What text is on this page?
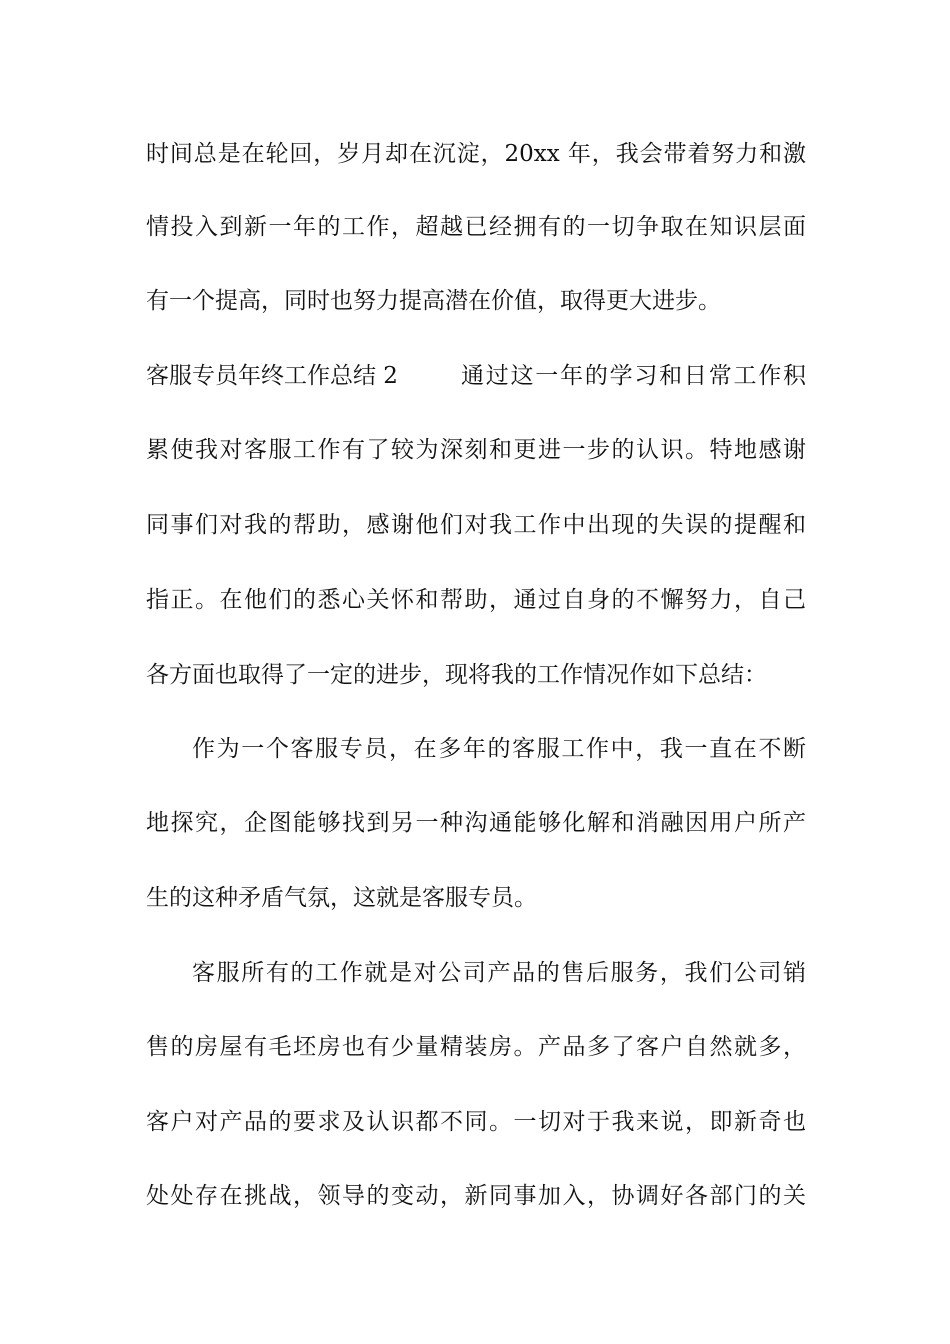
时间总是在轮回，岁月却在沉淀，20xx 年，我会带着努力和激
情投入到新一年的工作，超越已经拥有的一切争取在知识层面
有一个提高，同时也努力提高潜在价值，取得更大进步。
客服专员年终工作总结 2	通过这一年的学习和日常工作积
累使我对客服工作有了较为深刻和更进一步的认识。特地感谢
同事们对我的帮助，感谢他们对我工作中出现的失误的提醒和
指正。在他们的悉心关怀和帮助，通过自身的不懈努力，自己
各方面也取得了一定的进步，现将我的工作情况作如下总结：
作为一个客服专员，在多年的客服工作中，我一直在不断
地探究，企图能够找到另一种沟通能够化解和消融因用户所产
生的这种矛盾气氛，这就是客服专员。
客服所有的工作就是对公司产品的售后服务，我们公司销
售的房屋有毛坯房也有少量精装房。产品多了客户自然就多，
客户对产品的要求及认识都不同。一切对于我来说，即新奇也
处处存在挑战，领导的变动，新同事加入，协调好各部门的关
